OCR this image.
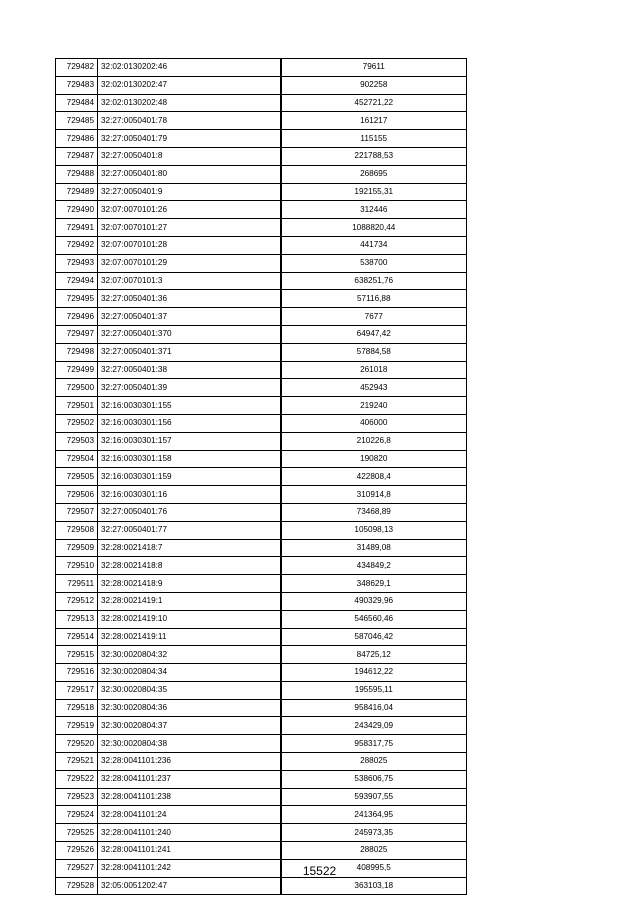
729482	32:02:0130202:46	79611
729483	32:02:0130202:47	902258
729484	32:02:0130202:48	452721,22
729485	32:27:0050401:78	161217
729486	32:27:0050401:79	115155
729487	32:27:0050401:8	221788,53
729488	32:27:0050401:80	268695
729489	32:27:0050401:9	192155,31
729490	32:07:0070101:26	312446
729491	32:07:0070101:27	1088820,44
729492	32:07:0070101:28	441734
729493	32:07:0070101:29	538700
729494	32:07:0070101:3	638251,76
729495	32:27:0050401:36	57116,88
729496	32:27:0050401:37	7677
729497	32:27:0050401:370	64947,42
729498	32:27:0050401:371	57884,58
729499	32:27:0050401:38	261018
729500	32:27:0050401:39	452943
729501	32:16:0030301:155	219240
729502	32:16:0030301:156	406000
729503	32:16:0030301:157	210226,8
729504	32:16:0030301:158	190820
729505	32:16:0030301:159	422808,4
729506	32:16:0030301:16	310914,8
729507	32:27:0050401:76	73468,89
729508	32:27:0050401:77	105098,13
729509	32:28:0021418:7	31489,08
729510	32:28:0021418:8	434849,2
729511	32:28:0021418:9	348629,1
729512	32:28:0021419:1	490329,96
729513	32:28:0021419:10	546560,46
729514	32:28:0021419:11	587046,42
729515	32:30:0020804:32	84725,12
729516	32:30:0020804:34	194612,22
729517	32:30:0020804:35	195595,11
729518	32:30:0020804:36	958416,04
729519	32:30:0020804:37	243429,09
729520	32:30:0020804:38	958317,75
729521	32:28:0041101:236	288025
729522	32:28:0041101:237	538606,75
729523	32:28:0041101:238	593907,55
729524	32:28:0041101:24	241364,95
729525	32:28:0041101:240	245973,35
729526	32:28:0041101:241	288025
729527	32:28:0041101:242	408995,5
729528	32:05:0051202:47	363103,18
15522
